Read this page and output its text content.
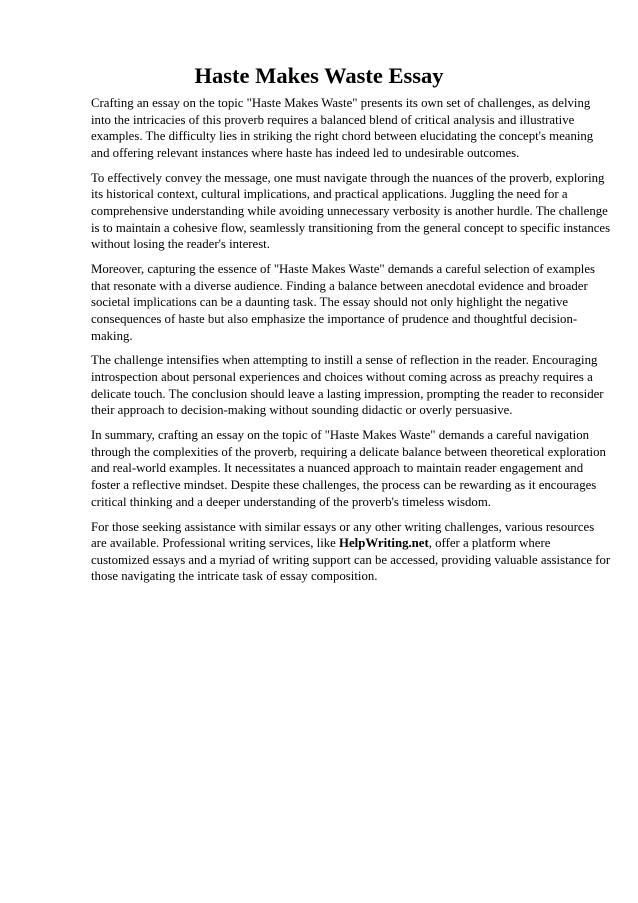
Haste Makes Waste Essay

Crafting an essay on the topic "Haste Makes Waste" presents its own set of challenges, as delving into the intricacies of this proverb requires a balanced blend of critical analysis and illustrative examples. The difficulty lies in striking the right chord between elucidating the concept's meaning and offering relevant instances where haste has indeed led to undesirable outcomes.

To effectively convey the message, one must navigate through the nuances of the proverb, exploring its historical context, cultural implications, and practical applications. Juggling the need for a comprehensive understanding while avoiding unnecessary verbosity is another hurdle. The challenge is to maintain a cohesive flow, seamlessly transitioning from the general concept to specific instances without losing the reader's interest.

Moreover, capturing the essence of "Haste Makes Waste" demands a careful selection of examples that resonate with a diverse audience. Finding a balance between anecdotal evidence and broader societal implications can be a daunting task. The essay should not only highlight the negative consequences of haste but also emphasize the importance of prudence and thoughtful decision-making.

The challenge intensifies when attempting to instill a sense of reflection in the reader. Encouraging introspection about personal experiences and choices without coming across as preachy requires a delicate touch. The conclusion should leave a lasting impression, prompting the reader to reconsider their approach to decision-making without sounding didactic or overly persuasive.

In summary, crafting an essay on the topic of "Haste Makes Waste" demands a careful navigation through the complexities of the proverb, requiring a delicate balance between theoretical exploration and real-world examples. It necessitates a nuanced approach to maintain reader engagement and foster a reflective mindset. Despite these challenges, the process can be rewarding as it encourages critical thinking and a deeper understanding of the proverb's timeless wisdom.

For those seeking assistance with similar essays or any other writing challenges, various resources are available. Professional writing services, like HelpWriting.net, offer a platform where customized essays and a myriad of writing support can be accessed, providing valuable assistance for those navigating the intricate task of essay composition.
